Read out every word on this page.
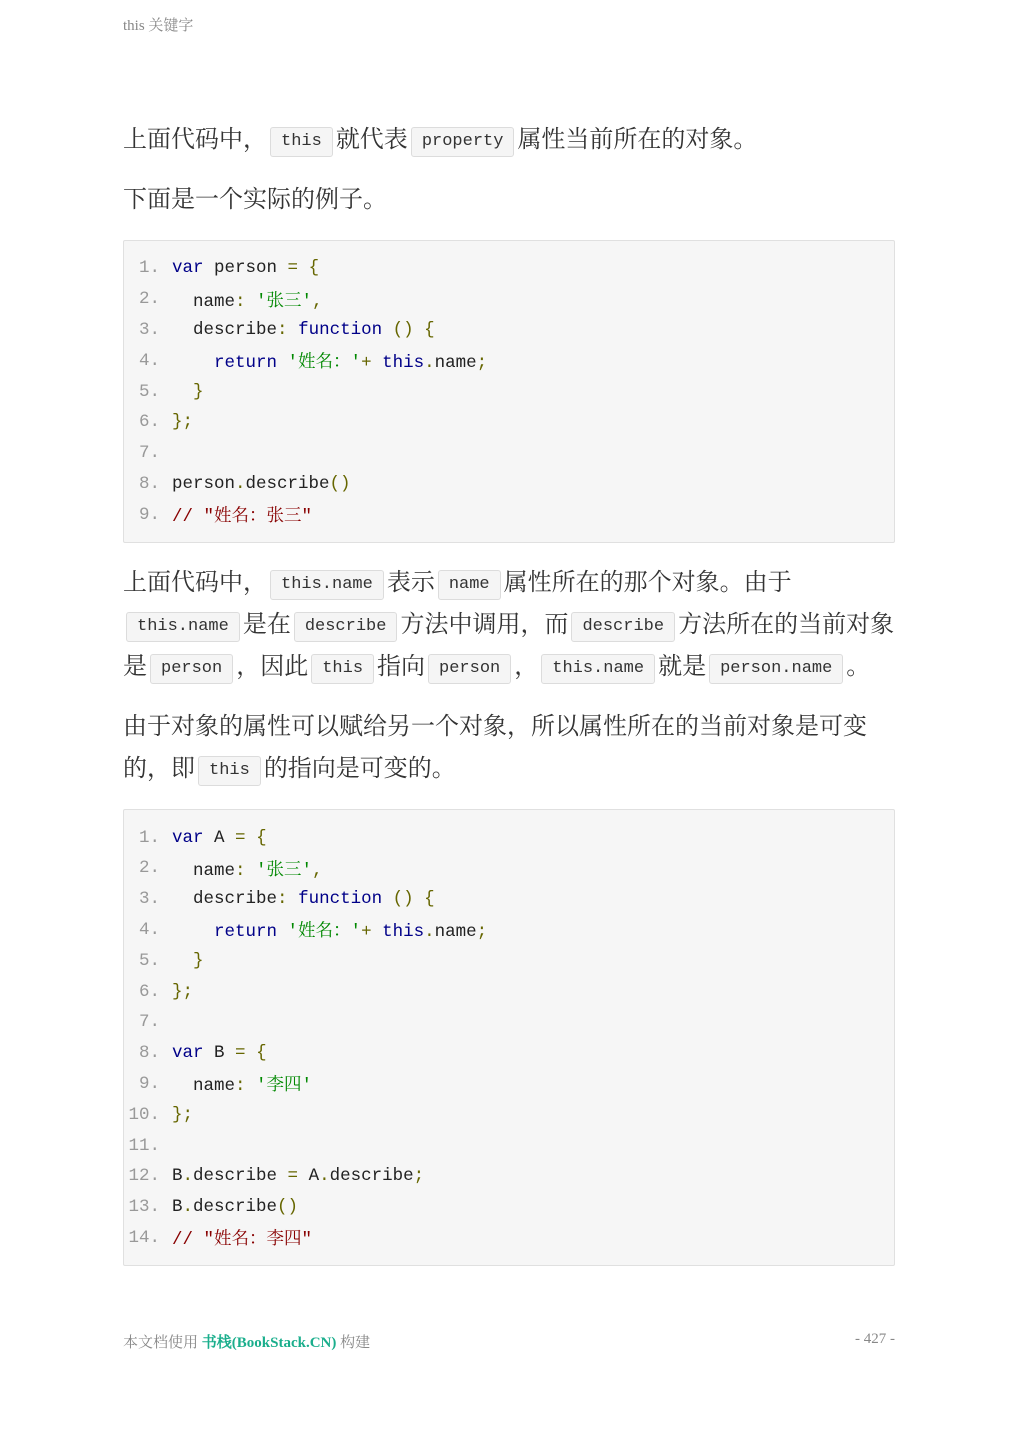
this 关键字

上面代码中， this 就代表 property 属性当前所在的对象。

下面是一个实际的例子。

1. var person = {
2. name: '张三',
3. describe: function () {
4.	return '姓名：'+ this.name;
5.	}
6. };
7.
8. person.describe()
9. // "姓名：张三"

上面代码中， this.name 表示 name 属性所在的那个对象。由于this.name 是在 describe 方法中调用，而 describe 方法所在的当前对象是 person ，因此 this 指向 person ， this.name 就是 person.name 。

由于对象的属性可以赋给另一个对象，所以属性所在的当前对象是可变的，即 this 的指向是可变的。

1. var A = {
2. name: '张三',
3. describe: function () {
4.	return '姓名：'+ this.name;
5.	}
6. };
7.
8. var B = {
9. name: '李四'
10. };
11.
12. B.describe = A.describe;
13. B.describe()
14. // "姓名：李四"
本文档使用 书栈(BookStack.CN) 构建	- 427 -
